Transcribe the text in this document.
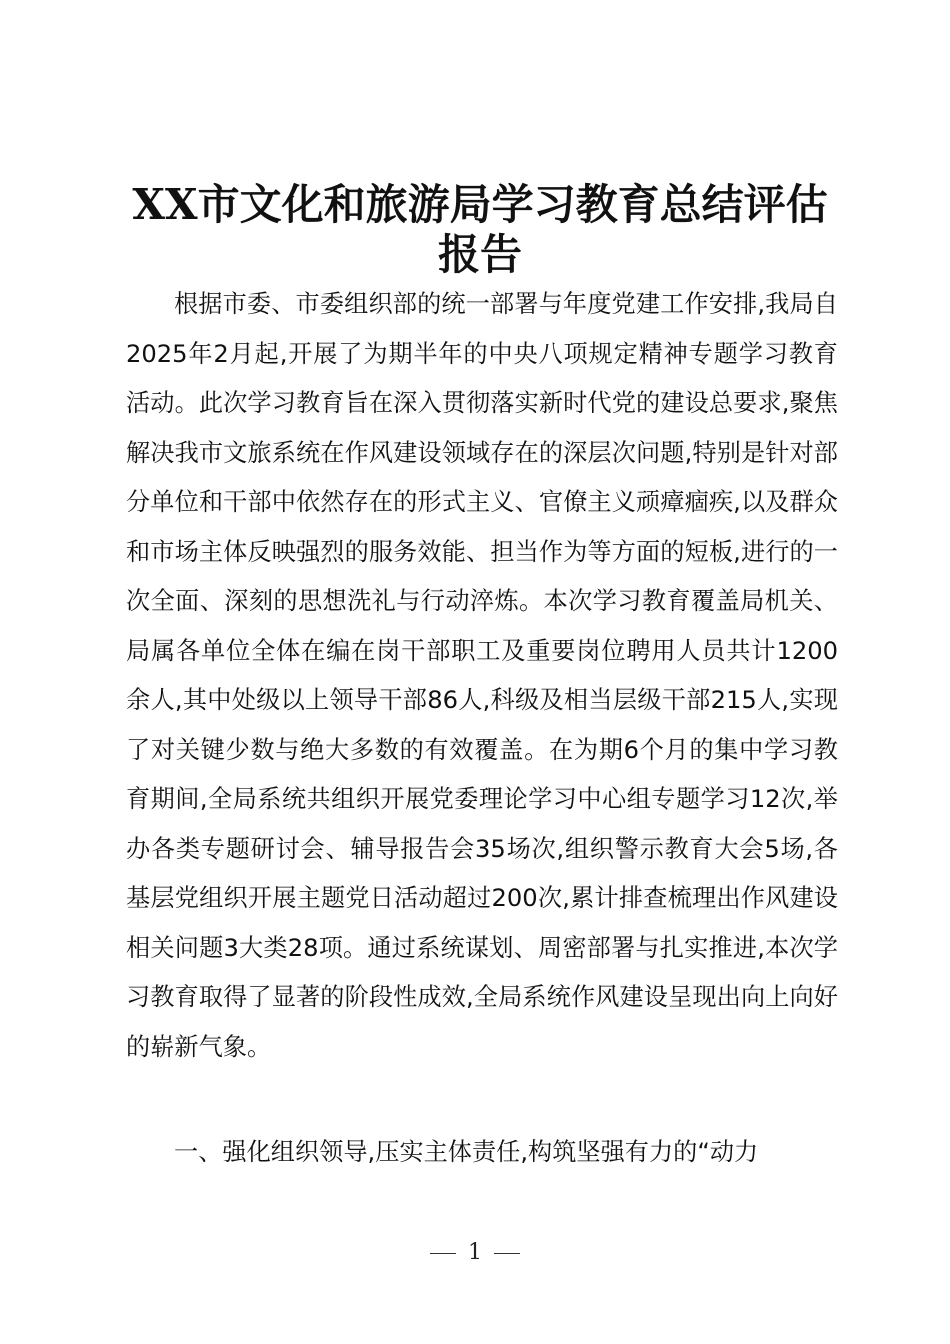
XX市文化和旅游局学习教育总结评估报告

根据市委、市委组织部的统一部署与年度党建工作安排,我局自2025年2月起,开展了为期半年的中央八项规定精神专题学习教育活动。此次学习教育旨在深入贯彻落实新时代党的建设总要求,聚焦解决我市文旅系统在作风建设领域存在的深层次问题,特别是针对部分单位和干部中依然存在的形式主义、官僚主义顽瘴痼疾,以及群众和市场主体反映强烈的服务效能、担当作为等方面的短板,进行的一次全面、深刻的思想洗礼与行动淬炼。本次学习教育覆盖局机关、局属各单位全体在编在岗干部职工及重要岗位聘用人员共计1200余人,其中处级以上领导干部86人,科级及相当层级干部215人,实现了对关键少数与绝大多数的有效覆盖。在为期6个月的集中学习教育期间,全局系统共组织开展党委理论学习中心组专题学习12次,举办各类专题研讨会、辅导报告会35场次,组织警示教育大会5场,各基层党组织开展主题党日活动超过200次,累计排查梳理出作风建设相关问题3大类28项。通过系统谋划、周密部署与扎实推进,本次学习教育取得了显著的阶段性成效,全局系统作风建设呈现出向上向好的崭新气象。

一、强化组织领导,压实主体责任,构筑坚强有力的“动力

1
